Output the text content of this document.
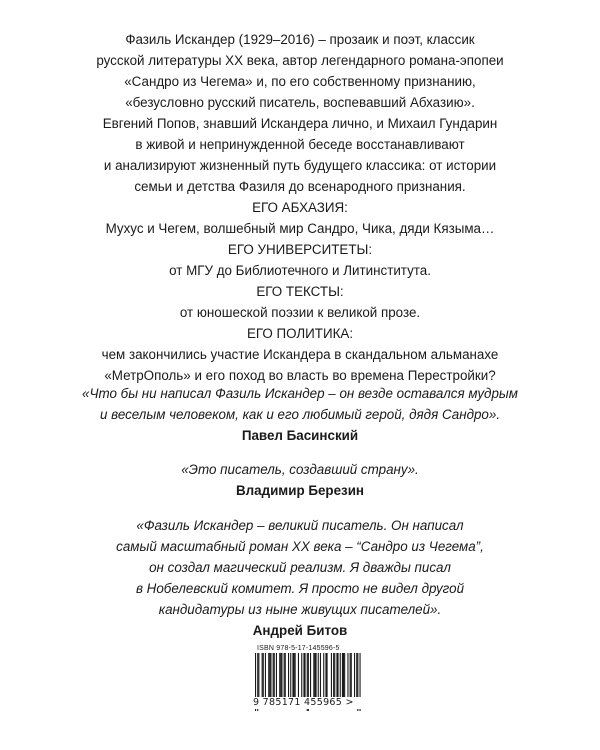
Фазиль Искандер (1929–2016) – прозаик и поэт, классик
русской литературы XX века, автор легендарного романа-эпопеи
«Сандро из Чегема» и, по его собственному признанию,
«безусловно русский писатель, воспевавший Абхазию».
Евгений Попов, знавший Искандера лично, и Михаил Гундарин
в живой и непринужденной беседе восстанавливают
и анализируют жизненный путь будущего классика: от истории
семьи и детства Фазиля до всенародного признания.
ЕГО АБХАЗИЯ:
Мухус и Чегем, волшебный мир Сандро, Чика, дяди Кязыма…
ЕГО УНИВЕРСИТЕТЫ:
от МГУ до Библиотечного и Литинститута.
ЕГО ТЕКСТЫ:
от юношеской поэзии к великой прозе.
ЕГО ПОЛИТИКА:
чем закончились участие Искандера в скандальном альманахе
«МетрОполь» и его поход во власть во времена Перестройки?
«Что бы ни написал Фазиль Искандер – он везде оставался мудрым
и веселым человеком, как и его любимый герой, дядя Сандро».
Павел Басинский
«Это писатель, создавший страну».
Владимир Березин
«Фазиль Искандер – великий писатель. Он написал
самый масштабный роман XX века – “Сандро из Чегема”,
он создал магический реализм. Я дважды писал
в Нобелевский комитет. Я просто не видел другой
кандидатуры из ныне живущих писателей».
Андрей Битов
ISBN 978-5-17-145596-5
9 785171 455965 >
